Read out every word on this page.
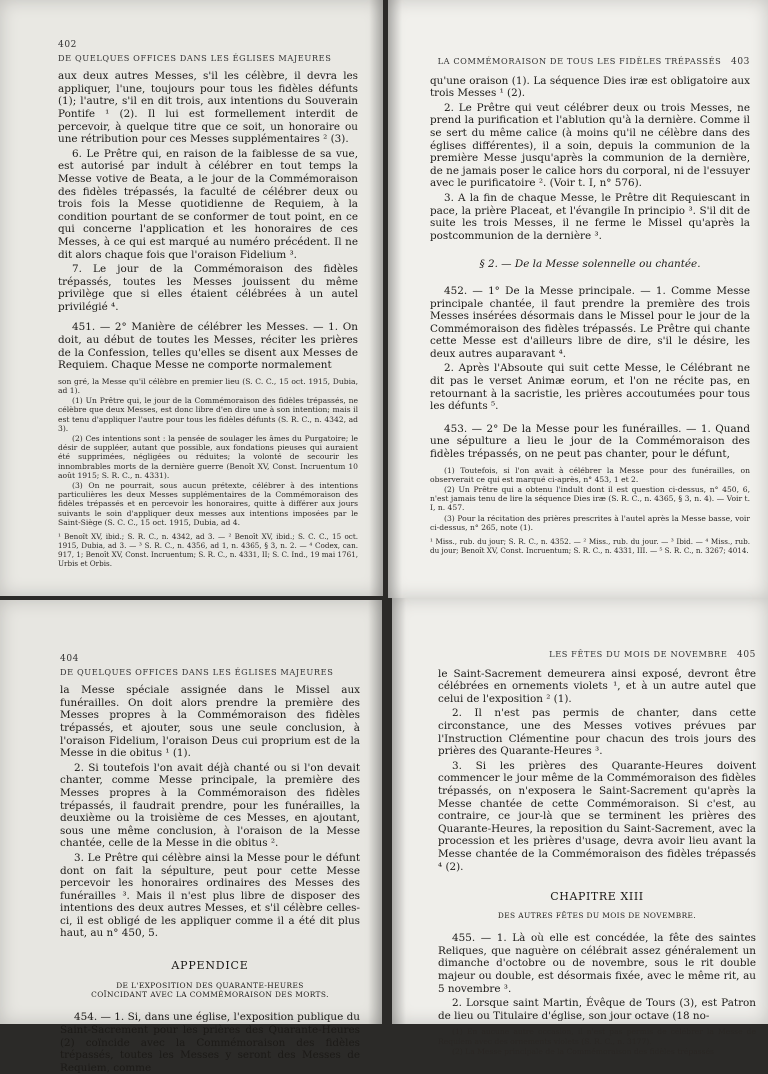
402   DE QUELQUES OFFICES DANS LES ÉGLISES MAJEURES

aux deux autres Messes, s'il les célèbre, il devra les appliquer, l'une, toujours pour tous les fidèles défunts (1); l'autre, s'il en dit trois, aux intentions du Souverain Pontife ¹ (2). Il lui est formellement interdit de percevoir, à quelque titre que ce soit, un honoraire ou une rétribution pour ces Messes supplémentaires ² (3).

6. Le Prêtre qui, en raison de la faiblesse de sa vue, est autorisé par indult à célébrer en tout temps la Messe votive de Beata, a le jour de la Commémoraison des fidèles trépassés, la faculté de célébrer deux ou trois fois la Messe quotidienne de Requiem, à la condition pourtant de se conformer de tout point, en ce qui concerne l'application et les honoraires de ces Messes, à ce qui est marqué au numéro précédent. Il ne dit alors chaque fois que l'oraison Fidelium ³.

7. Le jour de la Commémoraison des fidèles trépassés, toutes les Messes jouissent du même privilège que si elles étaient célébrées à un autel privilégié ⁴.

451. — 2° Manière de célébrer les Messes. — 1. On doit, au début de toutes les Messes, réciter les prières de la Confession, telles qu'elles se disent aux Messes de Requiem. Chaque Messe ne comporte normalement

son gré, la Messe qu'il célèbre en premier lieu (S. C. C., 15 oct. 1915, Dubia, ad 1).

(1) Un Prêtre qui, le jour de la Commémoraison des fidèles trépassés, ne célèbre que deux Messes, est donc libre d'en dire une à son intention; mais il est tenu d'appliquer l'autre pour tous les fidèles défunts (S. R. C., n. 4342, ad 3).

(2) Ces intentions sont : la pensée de soulager les âmes du Purgatoire; le désir de suppléer, autant que possible, aux fondations pieuses qui auraient été supprimées, négligées ou réduites; la volonté de secourir les innombrables morts de la dernière guerre (Benoît XV, Const. Incruentum 10 août 1915; S. R. C., n. 4331).

(3) On ne pourrait, sous aucun prétexte, célébrer à des intentions particulières les deux Messes supplémentaires de la Commémoraison des fidèles trépassés et en percevoir les honoraires, quitte à différer aux jours suivants le soin d'appliquer deux messes aux intentions imposées par le Saint-Siège (S. C. C., 15 oct. 1915, Dubia, ad 4.

¹ Benoît XV, ibid.; S. R. C., n. 4342, ad 3. — ² Benoît XV, ibid.; S. C. C., 15 oct. 1915, Dubia, ad 3. — ³ S. R. C., n. 4356, ad 1, n. 4365, § 3, n. 2. — ⁴ Codex, can. 917, 1; Benoît XV, Const. Incruentum; S. R. C., n. 4331, II; S. C. Ind., 19 mai 1761, Urbis et Orbis.

LA COMMÉMORAISON DE TOUS LES FIDÈLES TRÉPASSÉS 403

qu'une oraison (1). La séquence Dies iræ est obligatoire aux trois Messes ¹ (2).

2. Le Prêtre qui veut célébrer deux ou trois Messes, ne prend la purification et l'ablution qu'à la dernière. Comme il se sert du même calice (à moins qu'il ne célèbre dans des églises différentes), il a soin, depuis la communion de la première Messe jusqu'après la communion de la dernière, de ne jamais poser le calice hors du corporal, ni de l'essuyer avec le purificatoire ². (Voir t. I, n° 576).

3. A la fin de chaque Messe, le Prêtre dit Requiescant in pace, la prière Placeat, et l'évangile In principio ³. S'il dit de suite les trois Messes, il ne ferme le Missel qu'après la postcommunion de la dernière ³.

§ 2. — De la Messe solennelle ou chantée.

452. — 1° De la Messe principale. — 1. Comme Messe principale chantée, il faut prendre la première des trois Messes insérées désormais dans le Missel pour le jour de la Commémoraison des fidèles trépassés. Le Prêtre qui chante cette Messe est d'ailleurs libre de dire, s'il le désire, les deux autres auparavant ⁴.

2. Après l'Absoute qui suit cette Messe, le Célébrant ne dit pas le verset Animæ eorum, et l'on ne récite pas, en retournant à la sacristie, les prières accoutumées pour tous les défunts ⁵.

453. — 2° De la Messe pour les funérailles. — 1. Quand une sépulture a lieu le jour de la Commémoraison des fidèles trépassés, on ne peut pas chanter, pour le défunt,

(1) Toutefois, si l'on avait à célébrer la Messe pour des funérailles, on observerait ce qui est marqué ci-après, n° 453, 1 et 2.

(2) Un Prêtre qui a obtenu l'indult dont il est question ci-dessus, n° 450, 6, n'est jamais tenu de lire la séquence Dies iræ (S. R. C., n. 4365, § 3, n. 4). — Voir t. I, n. 457.

(3) Pour la récitation des prières prescrites à l'autel après la Messe basse, voir ci-dessus, n° 265, note (1).

¹ Miss., rub. du jour; S. R. C., n. 4352. — ² Miss., rub. du jour. — ³ Ibid. — ⁴ Miss., rub. du jour; Benoît XV, Const. Incruentum; S. R. C., n. 4331, III. — ⁵ S. R. C., n. 3267; 4014.

404   DE QUELQUES OFFICES DANS LES ÉGLISES MAJEURES

la Messe spéciale assignée dans le Missel aux funérailles. On doit alors prendre la première des Messes propres à la Commémoraison des fidèles trépassés, et ajouter, sous une seule conclusion, à l'oraison Fidelium, l'oraison Deus cui proprium est de la Messe in die obitus ¹ (1).

2. Si toutefois l'on avait déjà chanté ou si l'on devait chanter, comme Messe principale, la première des Messes propres à la Commémoraison des fidèles trépassés, il faudrait prendre, pour les funérailles, la deuxième ou la troisième de ces Messes, en ajoutant, sous une même conclusion, à l'oraison de la Messe chantée, celle de la Messe in die obitus ².

3. Le Prêtre qui célèbre ainsi la Messe pour le défunt dont on fait la sépulture, peut pour cette Messe percevoir les honoraires ordinaires des Messes des funérailles ³. Mais il n'est plus libre de disposer des intentions des deux autres Messes, et s'il célèbre celles-ci, il est obligé de les appliquer comme il a été dit plus haut, au n° 450, 5.

APPENDICE
DE L'EXPOSITION DES QUARANTE-HEURES
COÏNCIDANT AVEC LA COMMÉMORAISON DES MORTS.

454. — 1. Si, dans une église, l'exposition publique du Saint-Sacrement pour les prières des Quarante-Heures (2) coïncide avec la Commémoraison des fidèles trépassés, toutes les Messes y seront des Messes de Requiem, comme

LES FÊTES DU MOIS DE NOVEMBRE 405

le Saint-Sacrement demeurera ainsi exposé, devront être célébrées en ornements violets ¹, et à un autre autel que celui de l'exposition ² (1).

2. Il n'est pas permis de chanter, dans cette circonstance, une des Messes votives prévues par l'Instruction Clémentine pour chacun des trois jours des prières des Quarante-Heures ³.

3. Si les prières des Quarante-Heures doivent commencer le jour même de la Commémoraison des fidèles trépassés, on n'exposera le Saint-Sacrement qu'après la Messe chantée de cette Commémoraison. Si c'est, au contraire, ce jour-là que se terminent les prières des Quarante-Heures, la reposition du Saint-Sacrement, avec la procession et les prières d'usage, devra avoir lieu avant la Messe chantée de la Commémoraison des fidèles trépassés ⁴ (2).

CHAPITRE XIII
DES AUTRES FÊTES DU MOIS DE NOVEMBRE.

455. — 1. Là où elle est concédée, la fête des saintes Reliques, que naguère on célébrait assez généralement un dimanche d'octobre ou de novembre, sous le rit double majeur ou double, est désormais fixée, avec le même rit, au 5 novembre ³.

2. Lorsque saint Martin, Évêque de Tours (3), est Patron de lieu ou Titulaire d'église, son jour octave (18 no-

(1) En aucune autre occasion, il n'est pas permis de célébrer la Messe de Requiem avec des ornements violets (S. R. C., n. 3177).

(2) La Messe principale de la Commémoraison des fidèles trépassés
